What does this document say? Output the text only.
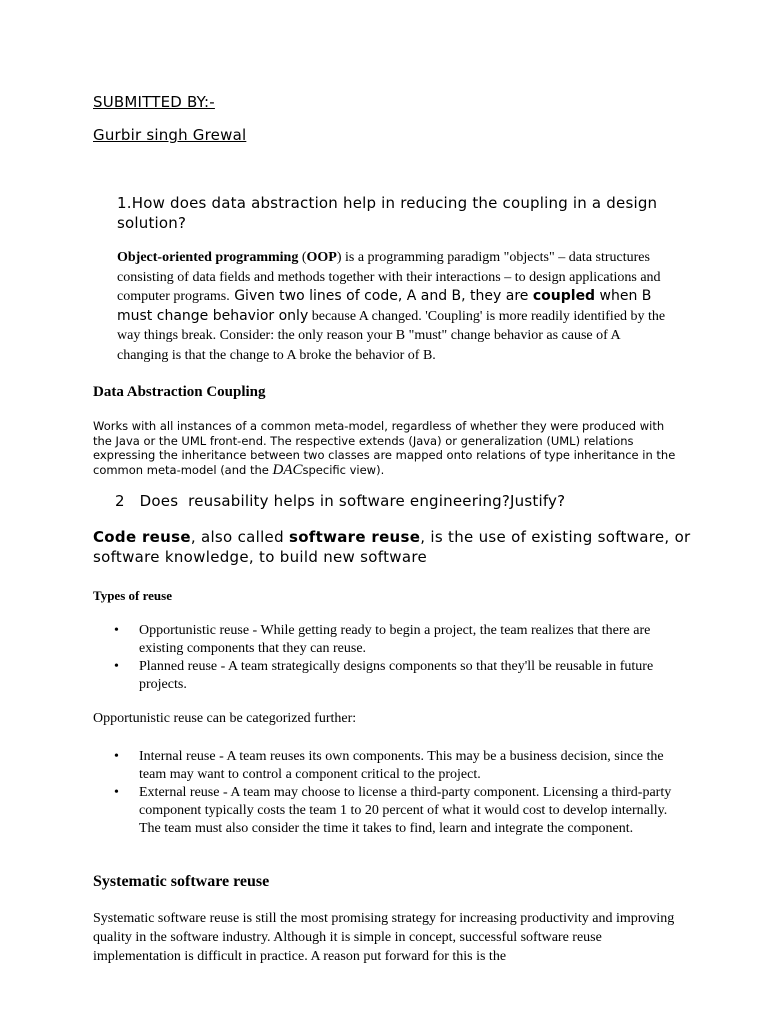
SUBMITTED BY:-
Gurbir singh Grewal
1.How does data abstraction help in reducing the coupling in a design solution?
Object-oriented programming (OOP) is a programming paradigm "objects" – data structures consisting of data fields and methods together with their interactions – to design applications and computer programs. Given two lines of code, A and B, they are coupled when B must change behavior only because A changed. 'Coupling' is more readily identified by the way things break. Consider: the only reason your B "must" change behavior as cause of A changing is that the change to A broke the behavior of B.
Data Abstraction Coupling
Works with all instances of a common meta-model, regardless of whether they were produced with the Java or the UML front-end. The respective extends (Java) or generalization (UML) relations expressing the inheritance between two classes are mapped onto relations of type inheritance in the common meta-model (and the DACspecific view).
2   Does  reusability helps in software engineering?Justify?
Code reuse, also called software reuse, is the use of existing software, or software knowledge, to build new software
Types of reuse
• Opportunistic reuse - While getting ready to begin a project, the team realizes that there are existing components that they can reuse.
• Planned reuse - A team strategically designs components so that they'll be reusable in future projects.
Opportunistic reuse can be categorized further:
• Internal reuse - A team reuses its own components. This may be a business decision, since the team may want to control a component critical to the project.
• External reuse - A team may choose to license a third-party component. Licensing a third-party component typically costs the team 1 to 20 percent of what it would cost to develop internally. The team must also consider the time it takes to find, learn and integrate the component.
Systematic software reuse
Systematic software reuse is still the most promising strategy for increasing productivity and improving quality in the software industry. Although it is simple in concept, successful software reuse implementation is difficult in practice. A reason put forward for this is the
